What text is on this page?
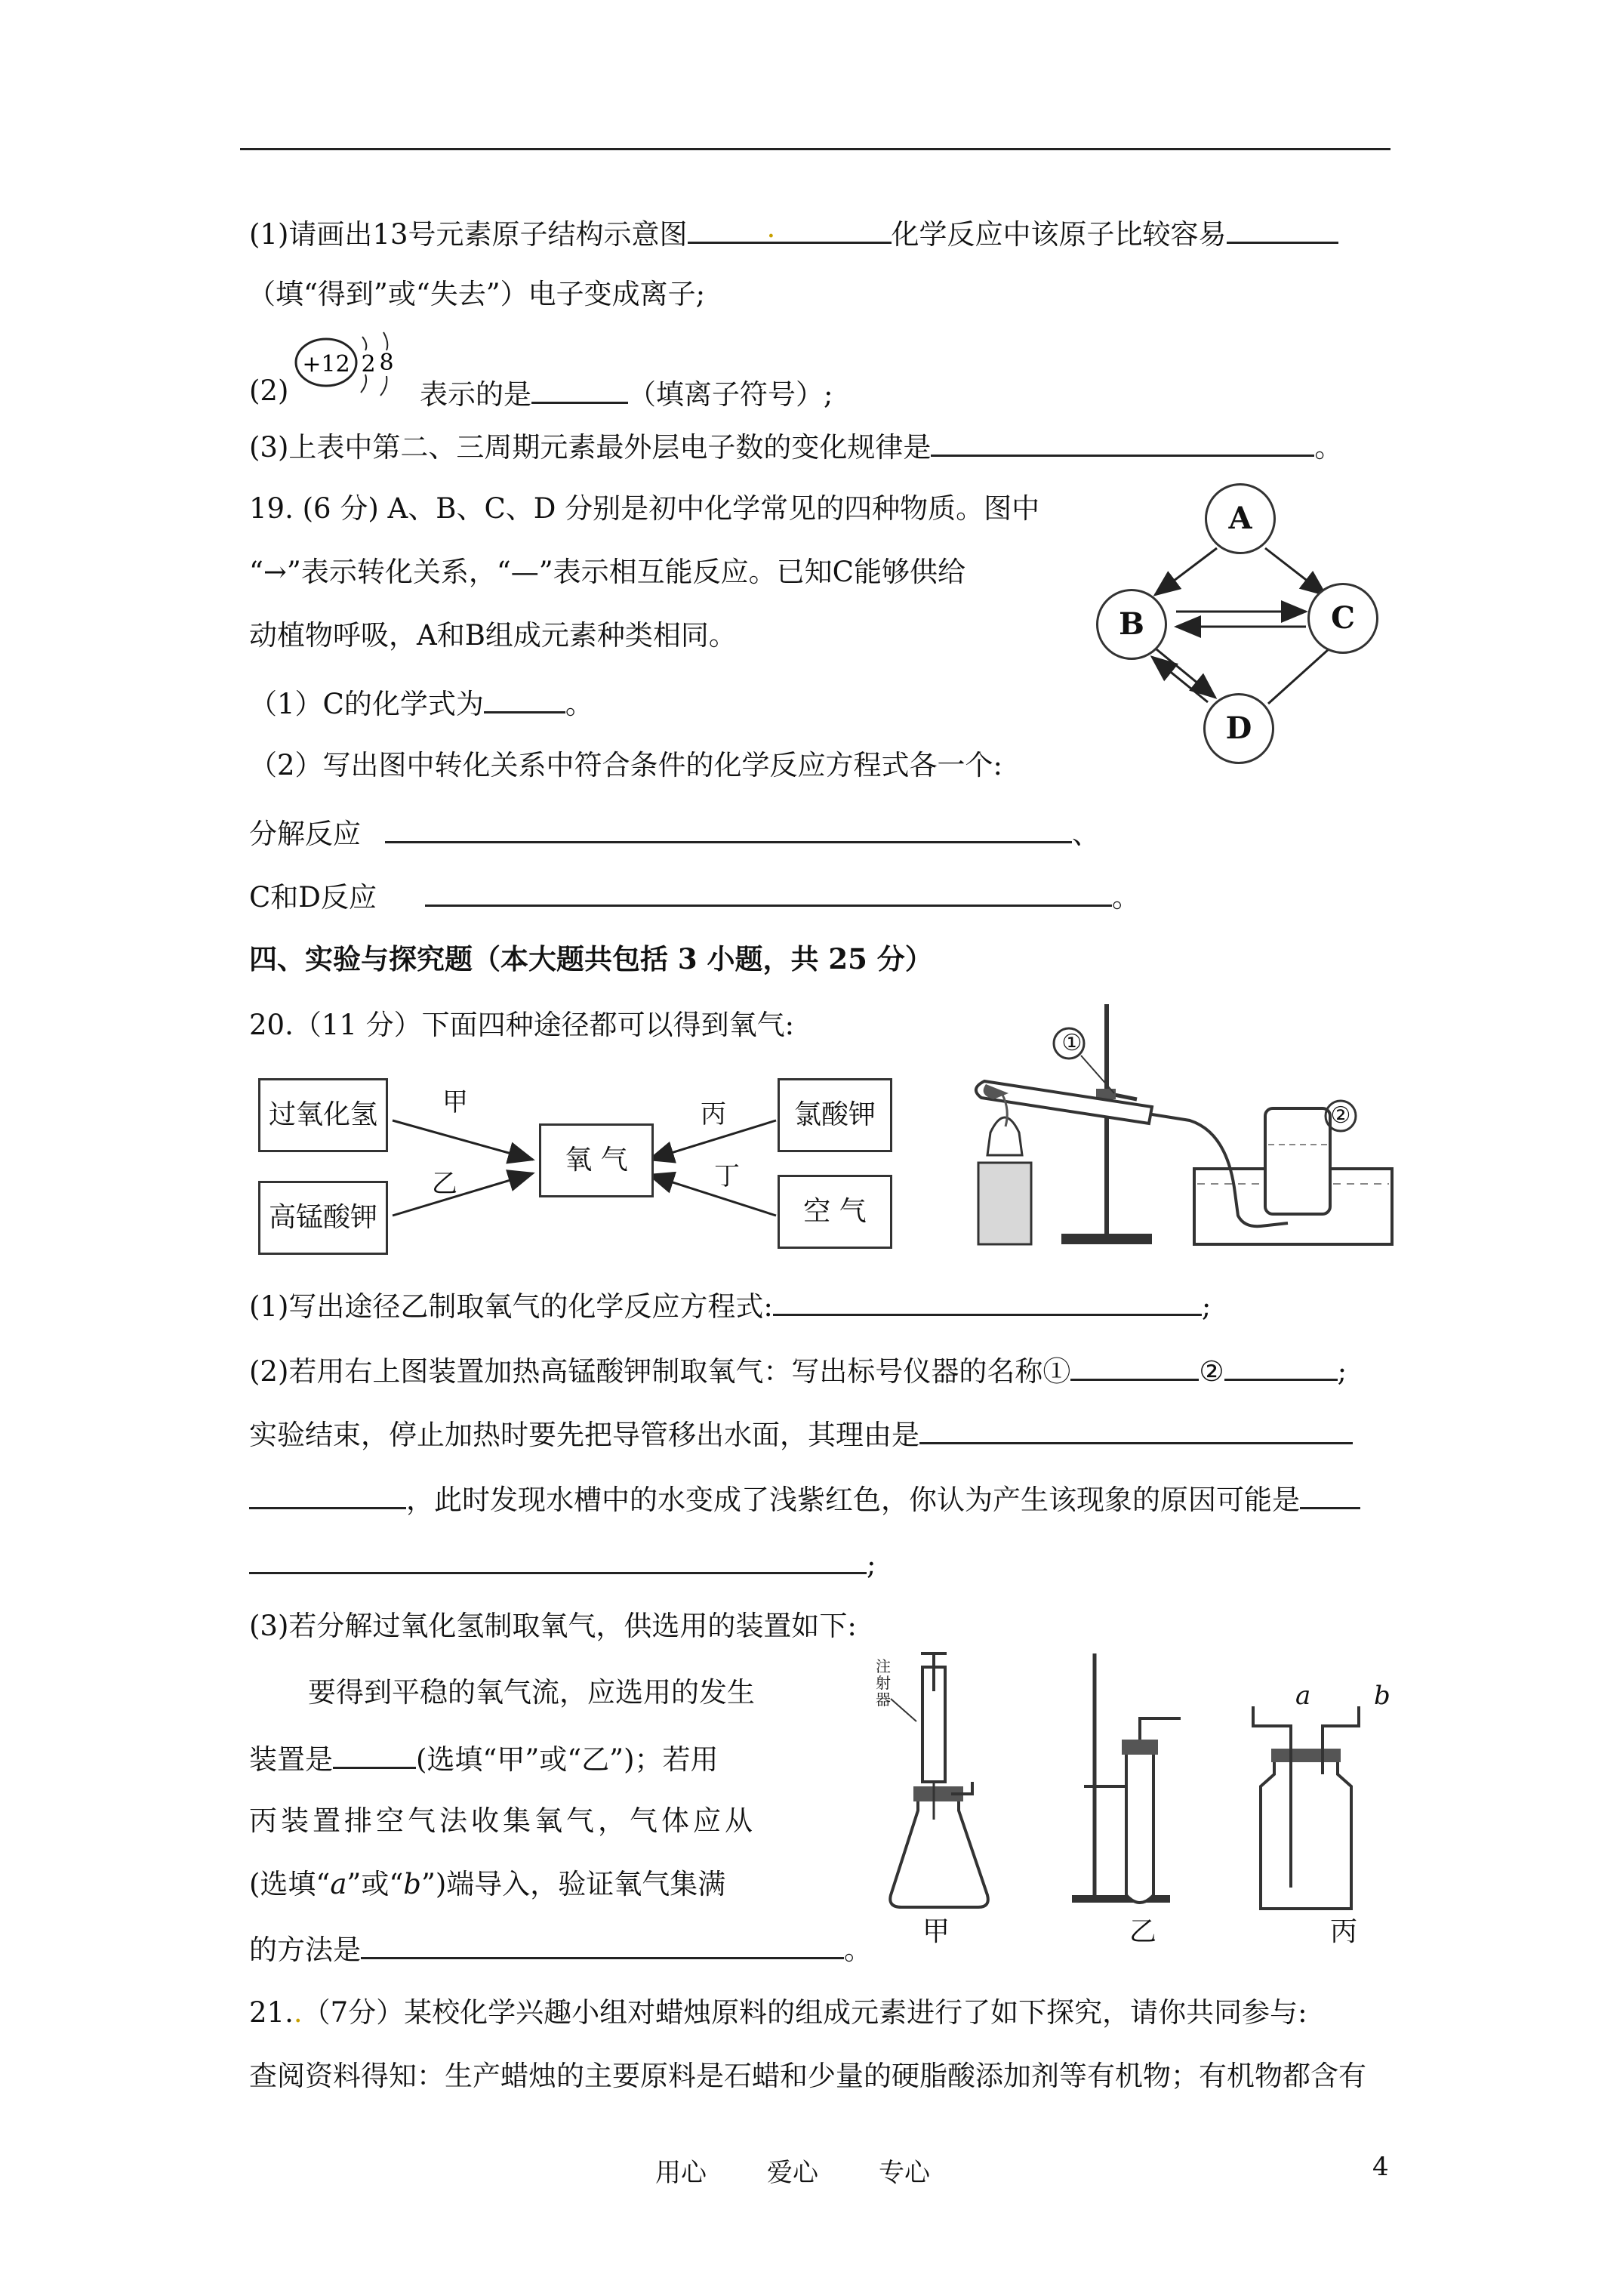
(1)请画出13号元素原子结构示意图	.	化学反应中该原子比较容易
（填“得到”或“失去”）电子变成离子;
(2)
+12 2 8
表示的是	（填离子符号）;
(3)上表中第二、三周期元素最外层电子数的变化规律是	。
19. (6 分) A、B、C、D 分别是初中化学常见的四种物质。图中
“→”表示转化关系，“—”表示相互能反应。已知C能够供给
动植物呼吸，A和B组成元素种类相同。
（1）C的化学式为	。
（2）写出图中转化关系中符合条件的化学反应方程式各一个:
分解反应	、
C和D反应	。
A
B	C
D
四、实验与探究题（本大题共包括 3 小题，共 25 分）
20.（11 分）下面四种途径都可以得到氧气:
过氧化氢
高锰酸钾
氧 气
氯酸钾
空 气
甲
乙
丙
丁
①
②
(1)写出途径乙制取氧气的化学反应方程式:	;
(2)若用右上图装置加热高锰酸钾制取氧气：写出标号仪器的名称①	②	;
实验结束，停止加热时要先把导管移出水面，其理由是
，此时发现水槽中的水变成了浅紫红色，你认为产生该现象的原因可能是
;
(3)若分解过氧化氢制取氧气，供选用的装置如下:
要得到平稳的氧气流，应选用的发生
装置是	(选填“甲”或“乙”)；若用
丙装置排空气法收集氧气，气体应从
(选填“a”或“b”)端导入，验证氧气集满
的方法是	。
注射器
甲	乙	丙
a b
21..（7分）某校化学兴趣小组对蜡烛原料的组成元素进行了如下探究，请你共同参与:
查阅资料得知：生产蜡烛的主要原料是石蜡和少量的硬脂酸添加剂等有机物；有机物都含有
用心 爱心 专心	4
